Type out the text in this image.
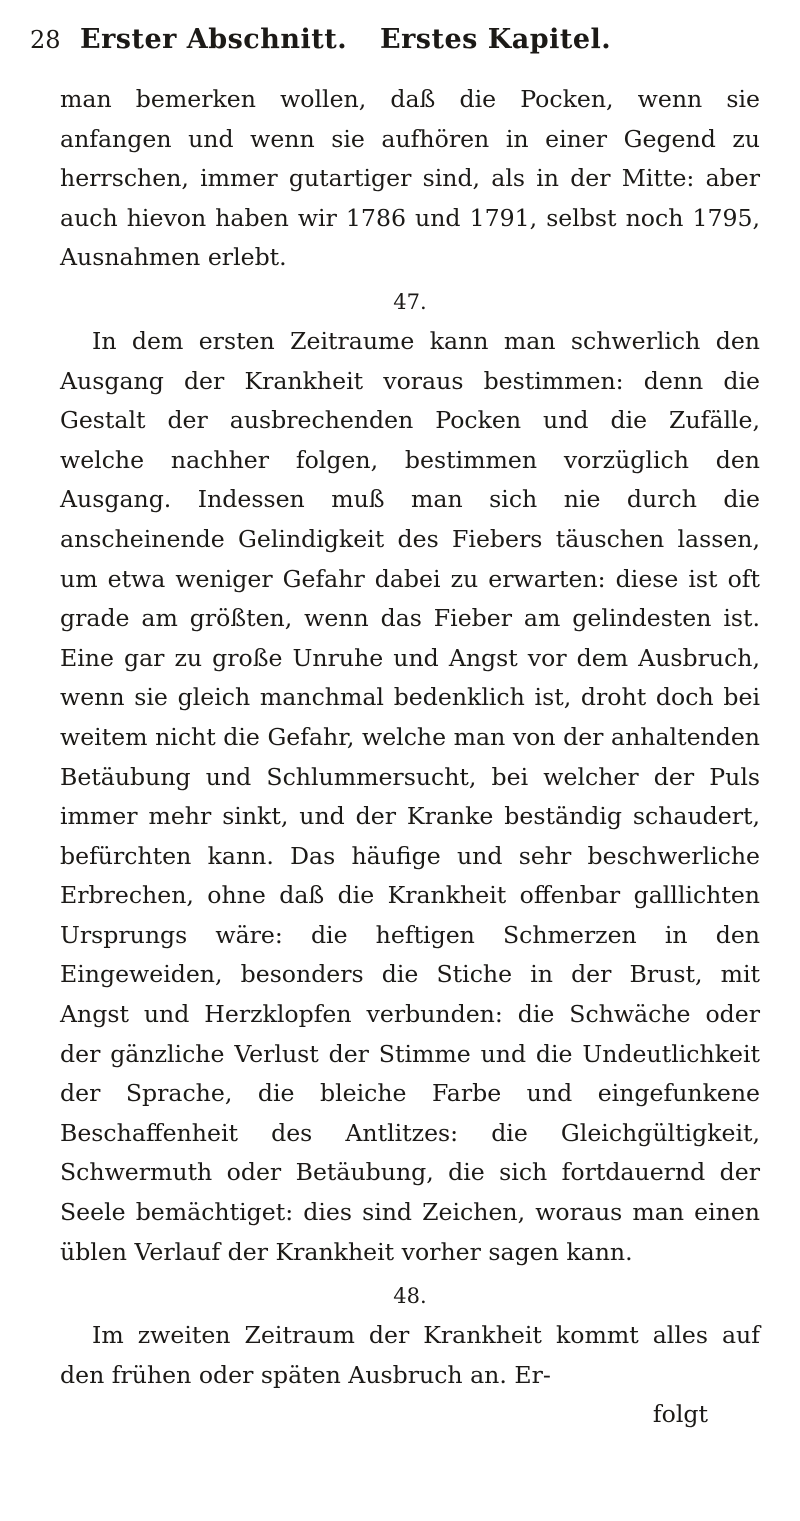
28 Erster Abschnitt. Erstes Kapitel.

man bemerken wollen, daß die Pocken, wenn sie anfangen und wenn sie aufhören in einer Gegend zu herrschen, immer gutartiger sind, als in der Mitte: aber auch hievon haben wir 1786 und 1791, selbst noch 1795, Ausnahmen erlebt.

47.

In dem ersten Zeitraume kann man schwerlich den Ausgang der Krankheit voraus bestimmen: denn die Gestalt der ausbrechenden Pocken und die Zufälle, welche nachher folgen, bestimmen vorzüglich den Ausgang. Indessen muß man sich nie durch die anscheinende Gelindigkeit des Fiebers täuschen lassen, um etwa weniger Gefahr dabei zu erwarten: diese ist oft grade am größten, wenn das Fieber am gelindesten ist. Eine gar zu große Unruhe und Angst vor dem Ausbruch, wenn sie gleich manchmal bedenklich ist, droht doch bei weitem nicht die Gefahr, welche man von der anhaltenden Betäubung und Schlummersucht, bei welcher der Puls immer mehr sinkt, und der Kranke beständig schaudert, befürchten kann. Das häufige und sehr beschwerliche Erbrechen, ohne daß die Krankheit offenbar galllichten Ursprungs wäre: die heftigen Schmerzen in den Eingeweiden, besonders die Stiche in der Brust, mit Angst und Herzklopfen verbunden: die Schwäche oder der gänzliche Verlust der Stimme und die Undeutlichkeit der Sprache, die bleiche Farbe und eingefunkene Beschaffenheit des Antlitzes: die Gleichgültigkeit, Schwermuth oder Betäubung, die sich fortdauernd der Seele bemächtiget: dies sind Zeichen, woraus man einen üblen Verlauf der Krankheit vorher sagen kann.

48.

Im zweiten Zeitraum der Krankheit kommt alles auf den frühen oder späten Ausbruch an. Er-

folgt
